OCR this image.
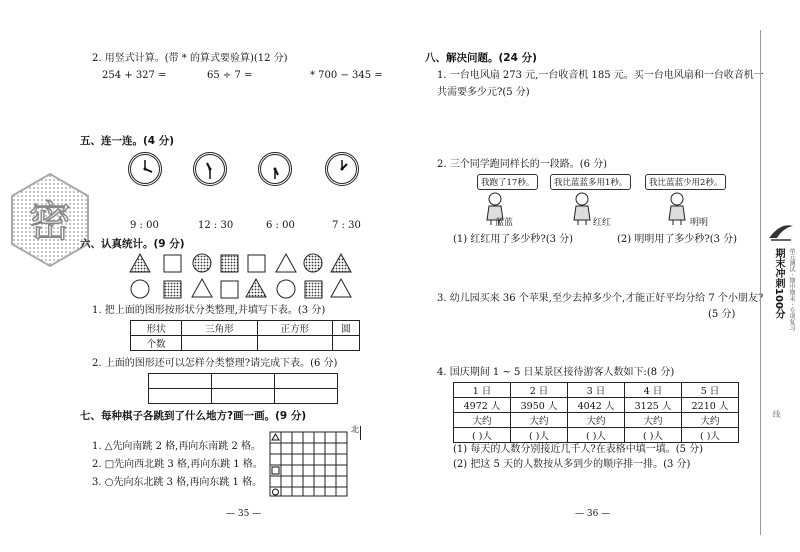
2. 用竖式计算。(带 * 的算式要验算)(12 分)
254 + 327 =	65 ÷ 7 =	* 700 − 345 =
五、连一连。(4 分)
9 : 00	12 : 30	6 : 00	7 : 30
密 六、认真统计。(9 分)
1. 把上面的图形按形状分类整理,并填写下表。(3 分)
形状	三角形	正方形	圆
个数			
2. 上面的图形还可以怎样分类整理?请完成下表。(6 分)

七、每种棋子各跳到了什么地方?画一画。(9 分)
1. △先向南跳 2 格,再向东南跳 2 格。
2. □先向西北跳 3 格,再向东跳 1 格。
3. ○先向东北跳 3 格,再向东跳 1 格。
北
— 35 —
八、解决问题。(24 分)
1. 一台电风扇 273 元,一台收音机 185 元。买一台电风扇和一台收音机一
共需要多少元?(5 分)
2. 三个同学跑同样长的一段路。(6 分)
我跑了17秒。	我比蓝蓝多用1秒。	我比蓝蓝少用2秒。
蓝蓝	红红	明明
(1) 红红用了多少秒?(3 分)	(2) 明明用了多少秒?(3 分)
3. 幼儿园买来 36 个苹果,至少去掉多少个,才能正好平均分给 7 个小朋友?
(5 分)
4. 国庆期间 1 ~ 5 日某景区接待游客人数如下:(8 分)
1 日	2 日	3 日	4 日	5 日
4972 人	3950 人	4042 人	3125 人	2210 人
大约	大约	大约	大约	大约
( )人	( )人	( )人	( )人	( )人
(1) 每天的人数分别接近几千人?在表格中填一填。(5 分)
(2) 把这 5 天的人数按从多到少的顺序排一排。(3 分)
— 36 —
期末冲刺100分 单元测试 · 期中期末 · 专项复习
线
